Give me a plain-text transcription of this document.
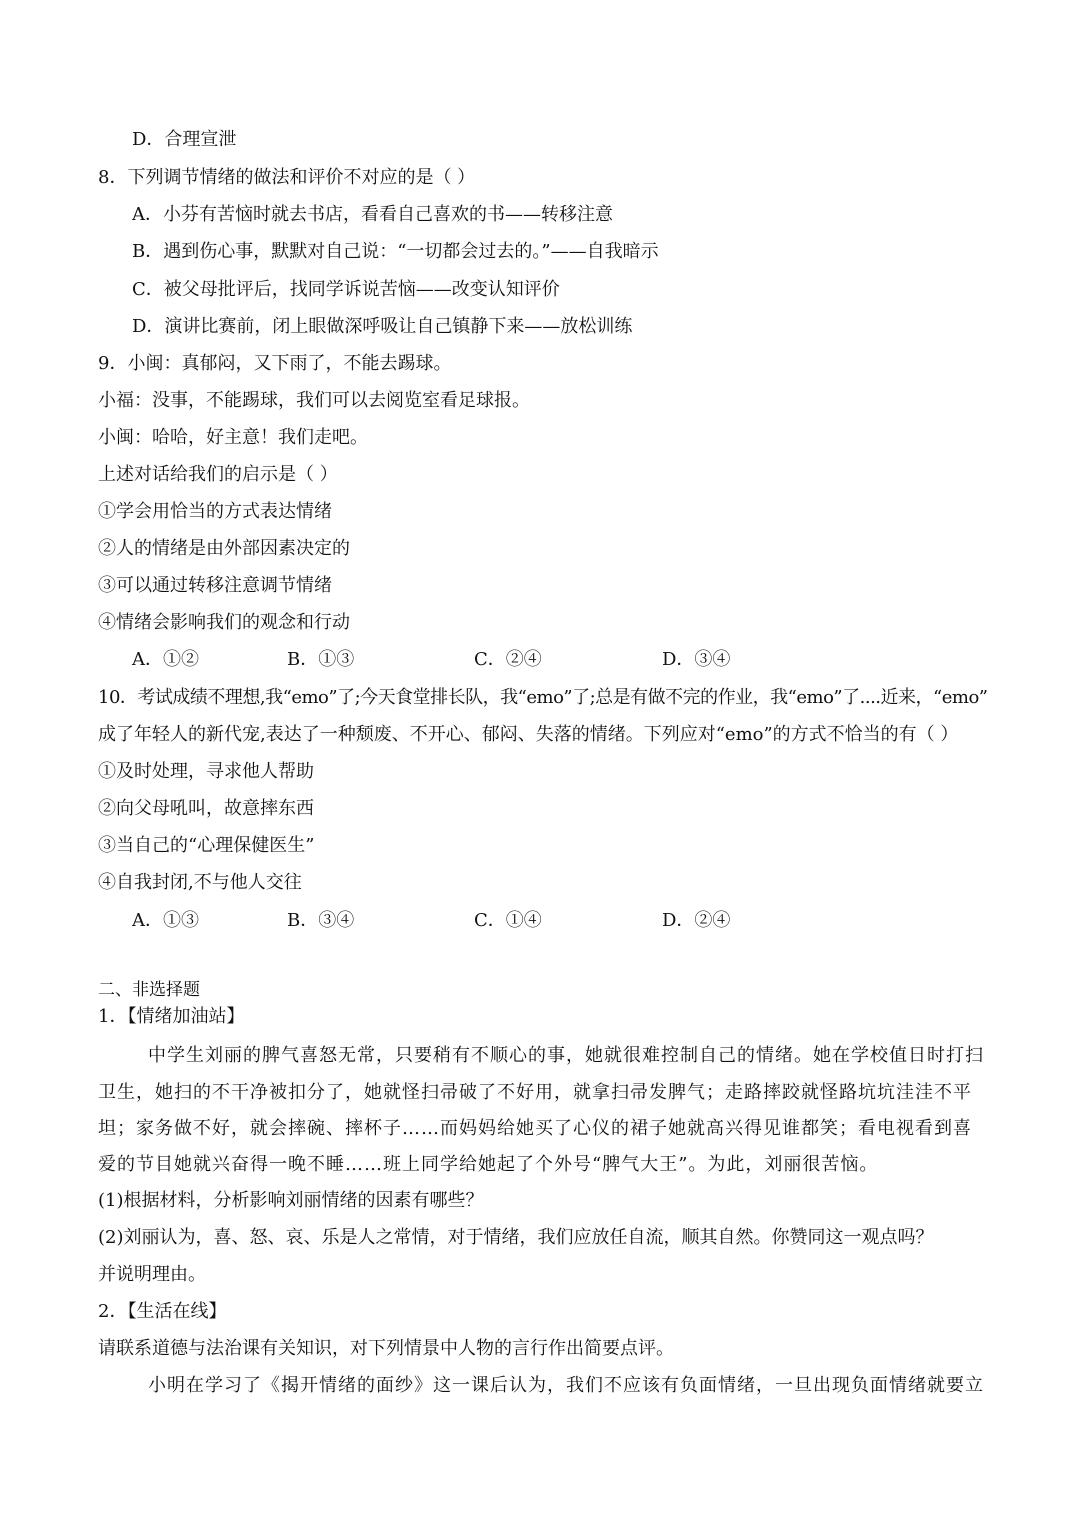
D．合理宣泄
8．下列调节情绪的做法和评价不对应的是（ ）
A．小芬有苦恼时就去书店，看看自己喜欢的书——转移注意
B．遇到伤心事，默默对自己说：“一切都会过去的。”——自我暗示
C．被父母批评后，找同学诉说苦恼——改变认知评价
D．演讲比赛前，闭上眼做深呼吸让自己镇静下来——放松训练
9．小闽：真郁闷，又下雨了，不能去踢球。
小福：没事，不能踢球，我们可以去阅览室看足球报。
小闽：哈哈，好主意！我们走吧。
上述对话给我们的启示是（ ）
①学会用恰当的方式表达情绪
②人的情绪是由外部因素决定的
③可以通过转移注意调节情绪
④情绪会影响我们的观念和行动
A．①②	B．①③	C．②④	D．③④
10．考试成绩不理想,我“emo”了;今天食堂排长队，我“emo”了;总是有做不完的作业，我“emo”了....近来，“emo”
成了年轻人的新代宠,表达了一种颓废、不开心、郁闷、失落的情绪。下列应对“emo”的方式不恰当的有（ ）
①及时处理，寻求他人帮助
②向父母吼叫，故意摔东西
③当自己的“心理保健医生”
④自我封闭,不与他人交往
A．①③	B．③④	C．①④	D．②④
二、非选择题
1．【情绪加油站】
中学生刘丽的脾气喜怒无常，只要稍有不顺心的事，她就很难控制自己的情绪。她在学校值日时打扫
卫生，她扫的不干净被扣分了，她就怪扫帚破了不好用，就拿扫帚发脾气；走路摔跤就怪路坑坑洼洼不平
坦；家务做不好，就会摔碗、摔杯子……而妈妈给她买了心仪的裙子她就高兴得见谁都笑；看电视看到喜
爱的节目她就兴奋得一晚不睡……班上同学给她起了个外号“脾气大王”。为此，刘丽很苦恼。
(1)根据材料，分析影响刘丽情绪的因素有哪些？
(2)刘丽认为，喜、怒、哀、乐是人之常情，对于情绪，我们应放任自流，顺其自然。你赞同这一观点吗？
并说明理由。
2．【生活在线】
请联系道德与法治课有关知识，对下列情景中人物的言行作出简要点评。
小明在学习了《揭开情绪的面纱》这一课后认为，我们不应该有负面情绪，一旦出现负面情绪就要立
